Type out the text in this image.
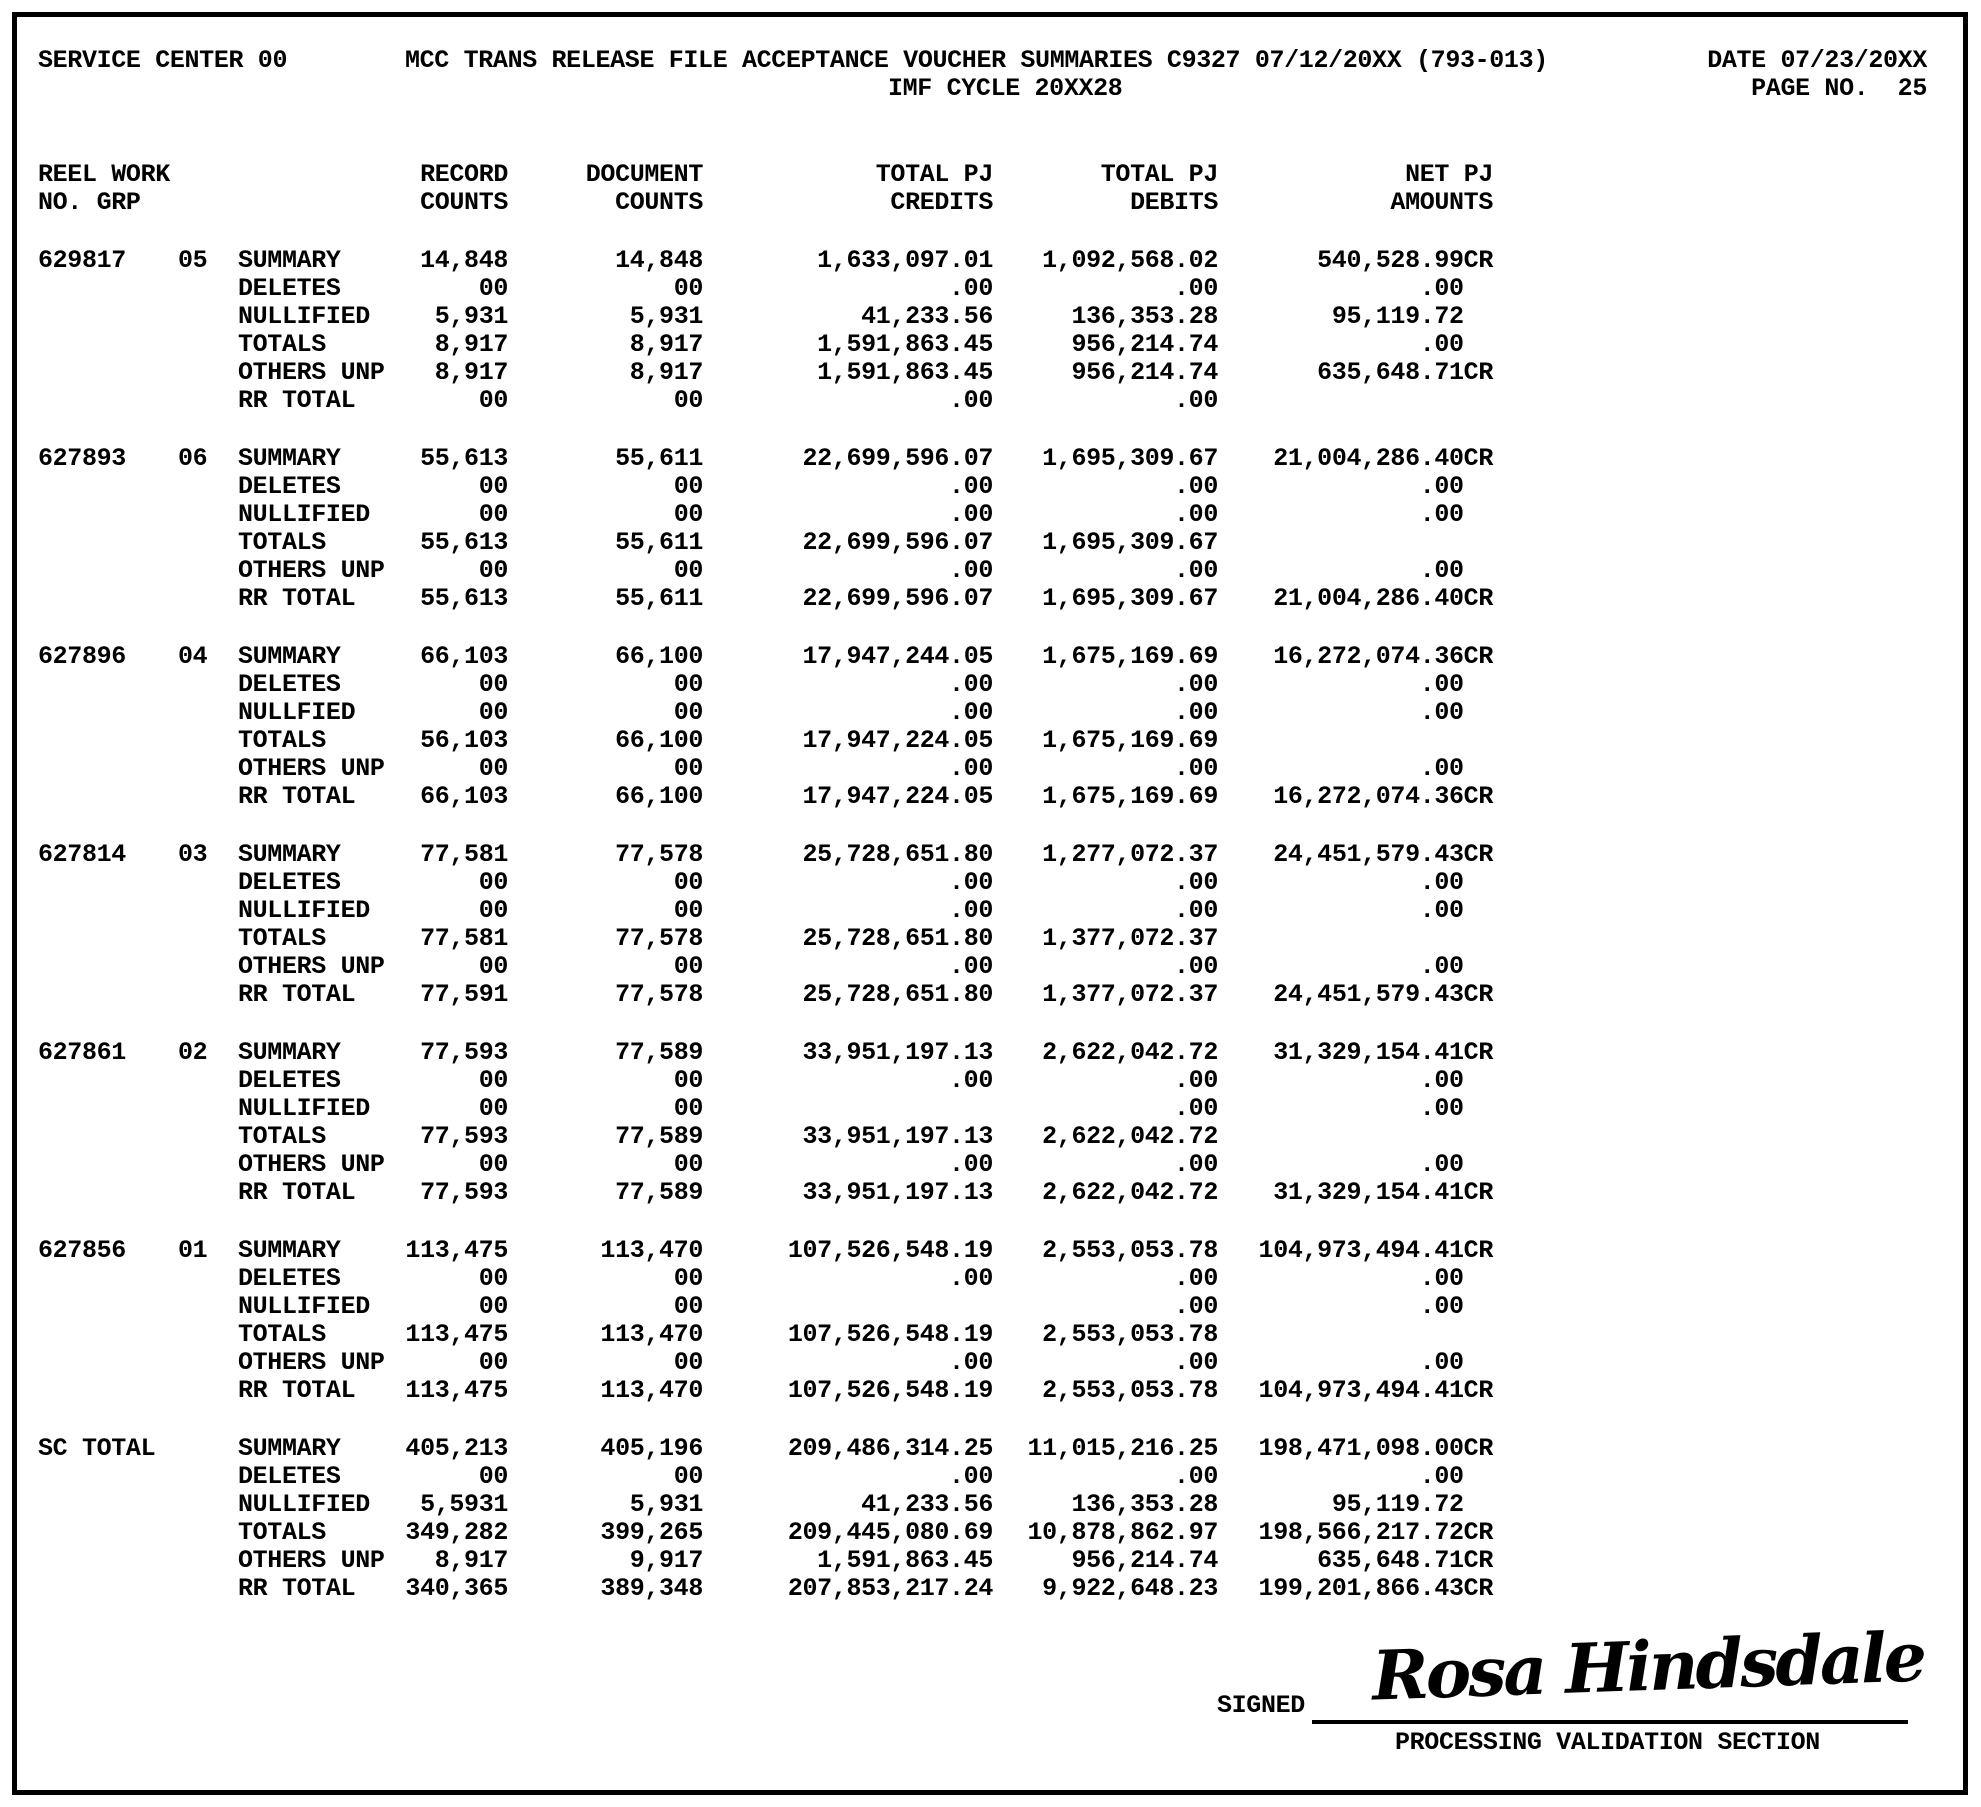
SERVICE CENTER 00	MCC TRANS RELEASE FILE ACCEPTANCE VOUCHER SUMMARIES C9327 07/12/20XX (793-013)	DATE 07/23/20XX
IMF CYCLE 20XX28	PAGE NO.  25
REEL WORK			RECORD	DOCUMENT	TOTAL PJ	TOTAL PJ	NET PJ
NO. GRP			COUNTS	COUNTS	CREDITS	DEBITS	AMOUNTS

629817	05	SUMMARY	14,848	14,848	1,633,097.01	1,092,568.02	540,528.99CR
		DELETES	00	00	.00	.00	.00
		NULLIFIED	5,931	5,931	41,233.56	136,353.28	95,119.72
		TOTALS	8,917	8,917	1,591,863.45	956,214.74	.00
		OTHERS UNP	8,917	8,917	1,591,863.45	956,214.74	635,648.71CR
		RR TOTAL	00	00	.00	.00	

627893	06	SUMMARY	55,613	55,611	22,699,596.07	1,695,309.67	21,004,286.40CR
		DELETES	00	00	.00	.00	.00
		NULLIFIED	00	00	.00	.00	.00
		TOTALS	55,613	55,611	22,699,596.07	1,695,309.67	
		OTHERS UNP	00	00	.00	.00	.00
		RR TOTAL	55,613	55,611	22,699,596.07	1,695,309.67	21,004,286.40CR

627896	04	SUMMARY	66,103	66,100	17,947,244.05	1,675,169.69	16,272,074.36CR
		DELETES	00	00	.00	.00	.00
		NULLFIED	00	00	.00	.00	.00
		TOTALS	56,103	66,100	17,947,224.05	1,675,169.69	
		OTHERS UNP	00	00	.00	.00	.00
		RR TOTAL	66,103	66,100	17,947,224.05	1,675,169.69	16,272,074.36CR

627814	03	SUMMARY	77,581	77,578	25,728,651.80	1,277,072.37	24,451,579.43CR
		DELETES	00	00	.00	.00	.00
		NULLIFIED	00	00	.00	.00	.00
		TOTALS	77,581	77,578	25,728,651.80	1,377,072.37	
		OTHERS UNP	00	00	.00	.00	.00
		RR TOTAL	77,591	77,578	25,728,651.80	1,377,072.37	24,451,579.43CR

627861	02	SUMMARY	77,593	77,589	33,951,197.13	2,622,042.72	31,329,154.41CR
		DELETES	00	00	.00	.00	.00
		NULLIFIED	00	00		.00	.00
		TOTALS	77,593	77,589	33,951,197.13	2,622,042.72	
		OTHERS UNP	00	00	.00	.00	.00
		RR TOTAL	77,593	77,589	33,951,197.13	2,622,042.72	31,329,154.41CR

627856	01	SUMMARY	113,475	113,470	107,526,548.19	2,553,053.78	104,973,494.41CR
		DELETES	00	00	.00	.00	.00
		NULLIFIED	00	00		.00	.00
		TOTALS	113,475	113,470	107,526,548.19	2,553,053.78	
		OTHERS UNP	00	00	.00	.00	.00
		RR TOTAL	113,475	113,470	107,526,548.19	2,553,053.78	104,973,494.41CR

SC TOTAL		SUMMARY	405,213	405,196	209,486,314.25	11,015,216.25	198,471,098.00CR
		DELETES	00	00	.00	.00	.00
		NULLIFIED	5,5931	5,931	41,233.56	136,353.28	95,119.72
		TOTALS	349,282	399,265	209,445,080.69	10,878,862.97	198,566,217.72CR
		OTHERS UNP	8,917	9,917	1,591,863.45	956,214.74	635,648.71CR
		RR TOTAL	340,365	389,348	207,853,217.24	9,922,648.23	199,201,866.43CR
SIGNED Rosa Hindsdale
PROCESSING VALIDATION SECTION
